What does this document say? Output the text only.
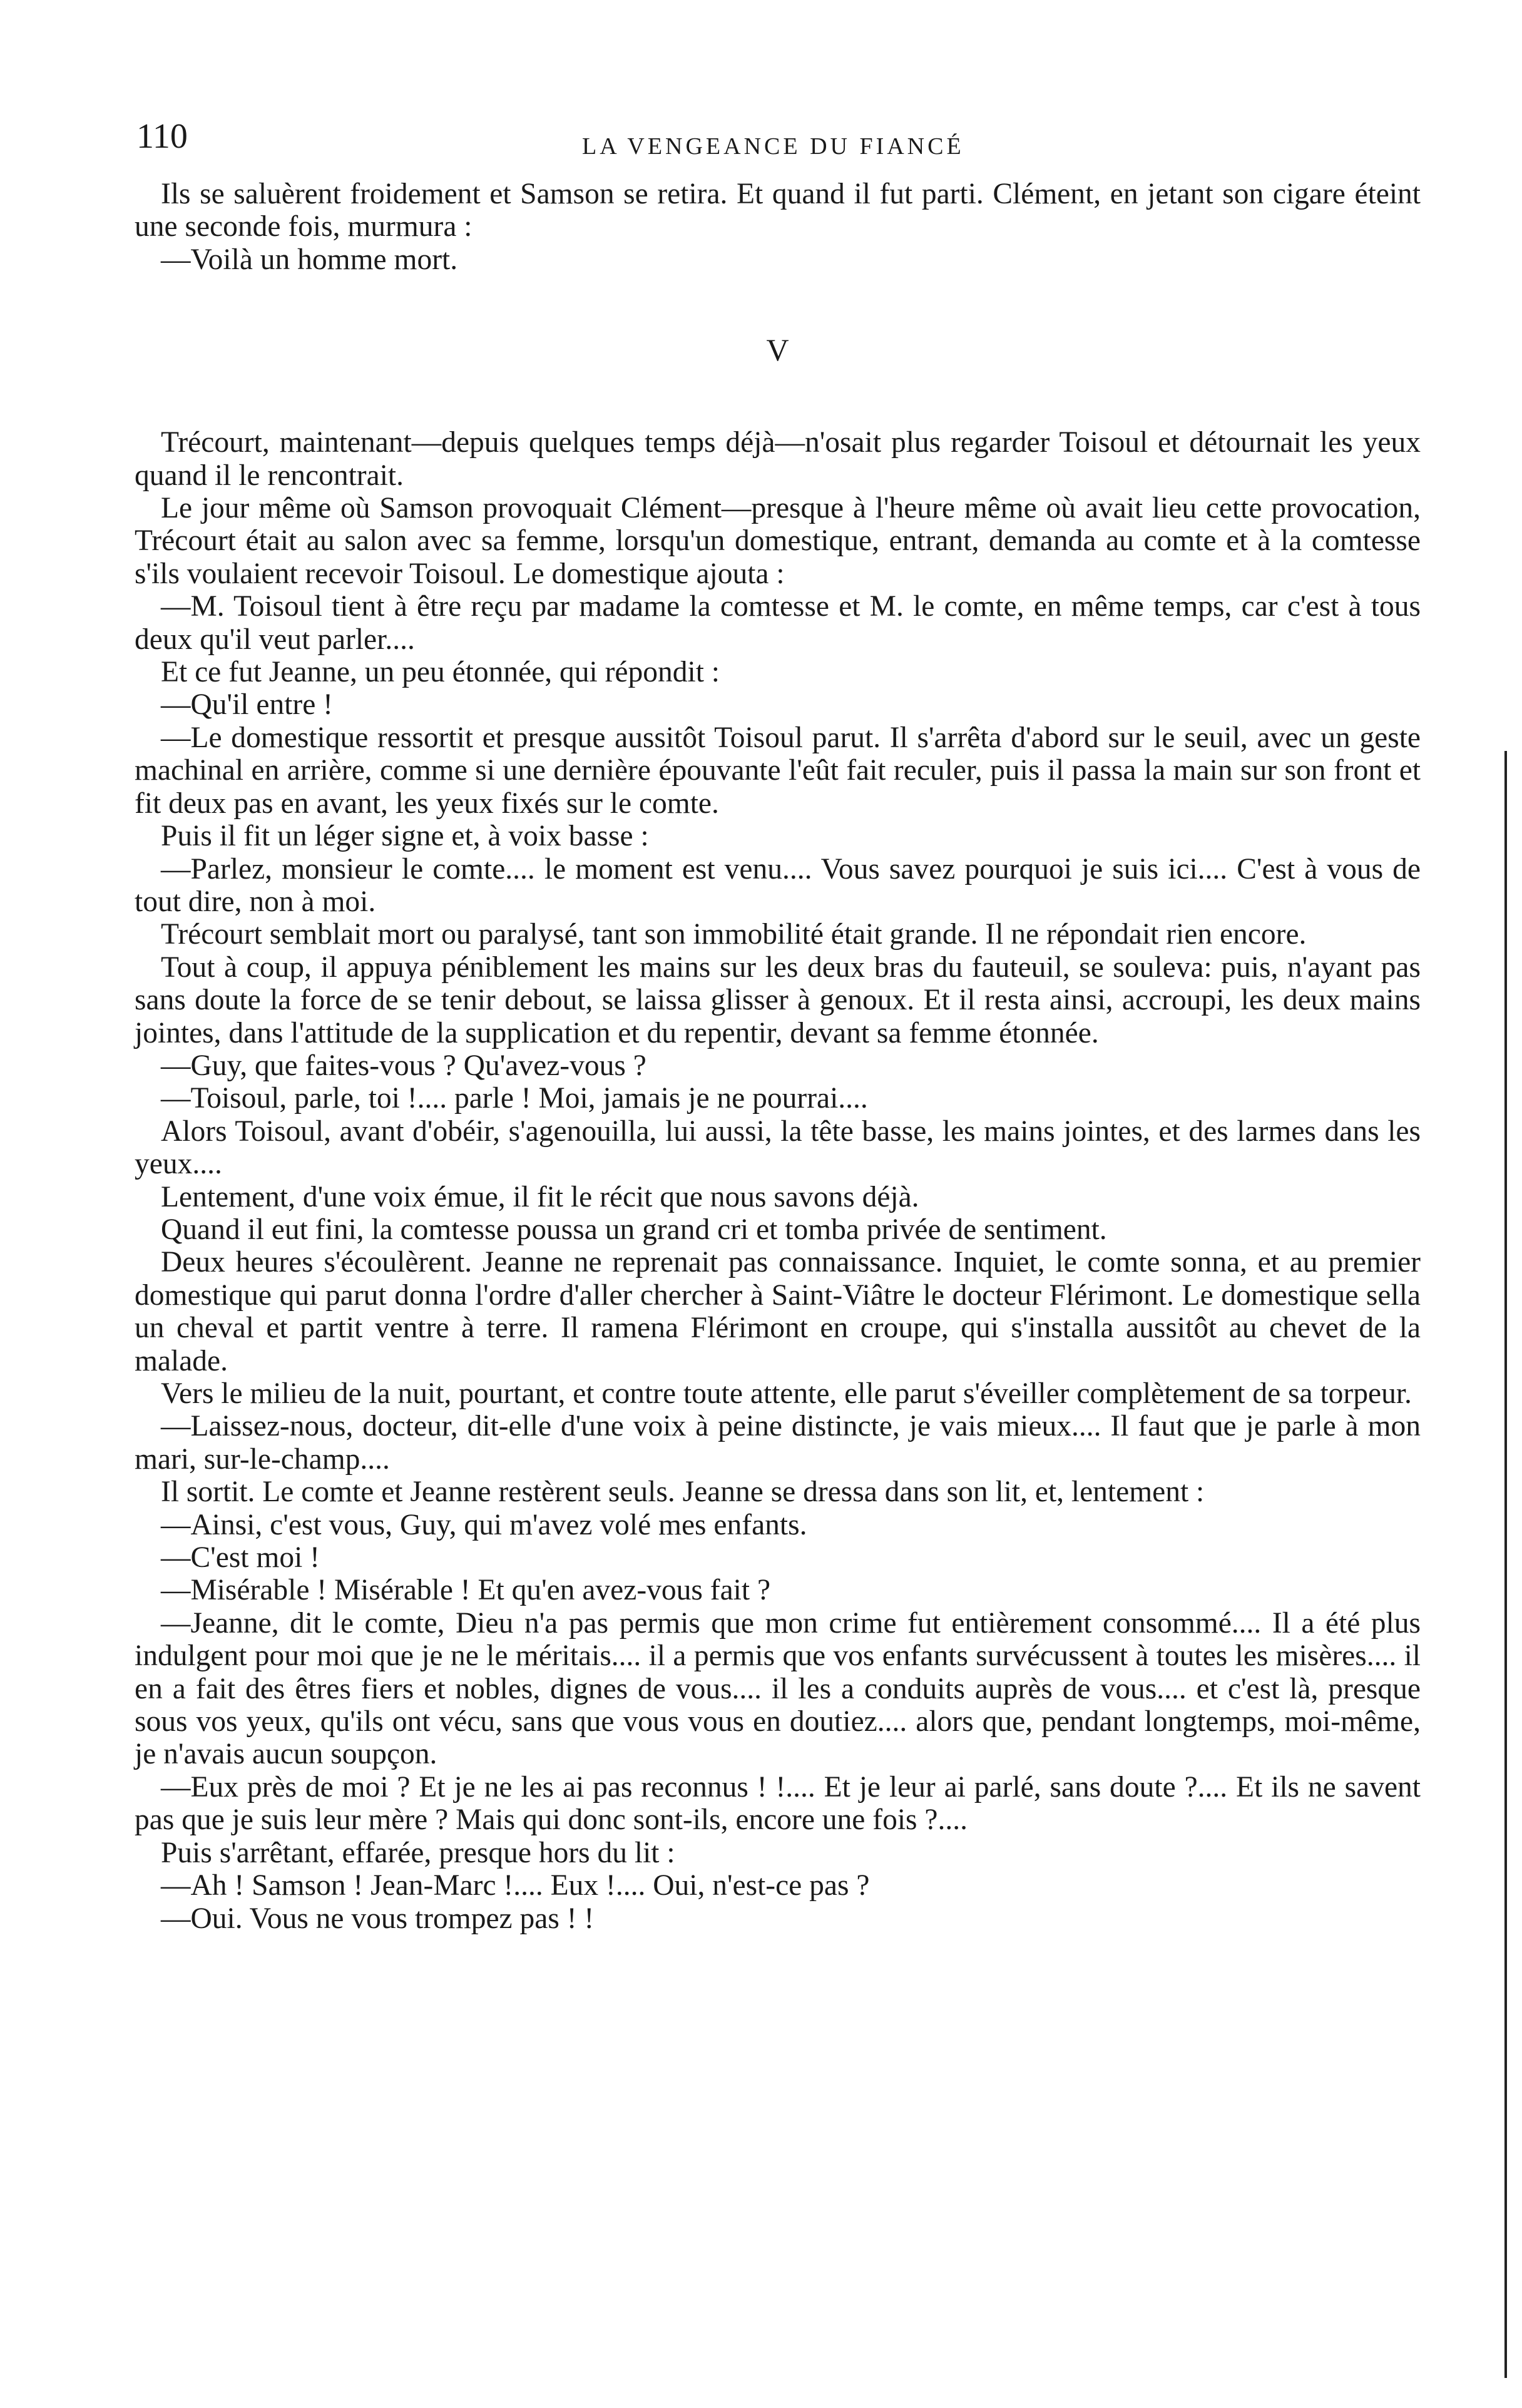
110	LA VENGEANCE DU FIANCÉ

Ils se saluèrent froidement et Samson se retira. Et quand il fut parti. Clément, en jetant son cigare éteint une seconde fois, murmura :

—Voilà un homme mort.

V

Trécourt, maintenant—depuis quelques temps déjà—n'osait plus regarder Toisoul et détournait les yeux quand il le rencontrait.

Le jour même où Samson provoquait Clément—presque à l'heure même où avait lieu cette provocation, Trécourt était au salon avec sa femme, lorsqu'un domestique, entrant, demanda au comte et à la comtesse s'ils voulaient recevoir Toisoul. Le domestique ajouta :

—M. Toisoul tient à être reçu par madame la comtesse et M. le comte, en même temps, car c'est à tous deux qu'il veut parler....

Et ce fut Jeanne, un peu étonnée, qui répondit :

—Qu'il entre !

—Le domestique ressortit et presque aussitôt Toisoul parut. Il s'arrêta d'abord sur le seuil, avec un geste machinal en arrière, comme si une dernière épouvante l'eût fait reculer, puis il passa la main sur son front et fit deux pas en avant, les yeux fixés sur le comte.

Puis il fit un léger signe et, à voix basse :

—Parlez, monsieur le comte.... le moment est venu.... Vous savez pourquoi je suis ici.... C'est à vous de tout dire, non à moi.

Trécourt semblait mort ou paralysé, tant son immobilité était grande. Il ne répondait rien encore.

Tout à coup, il appuya péniblement les mains sur les deux bras du fauteuil, se souleva: puis, n'ayant pas sans doute la force de se tenir debout, se laissa glisser à genoux. Et il resta ainsi, accroupi, les deux mains jointes, dans l'attitude de la supplication et du repentir, devant sa femme étonnée.

—Guy, que faites-vous ? Qu'avez-vous ?

—Toisoul, parle, toi !.... parle ! Moi, jamais je ne pourrai....

Alors Toisoul, avant d'obéir, s'agenouilla, lui aussi, la tête basse, les mains jointes, et des larmes dans les yeux....

Lentement, d'une voix émue, il fit le récit que nous savons déjà.

Quand il eut fini, la comtesse poussa un grand cri et tomba privée de sentiment.

Deux heures s'écoulèrent. Jeanne ne reprenait pas connaissance. Inquiet, le comte sonna, et au premier domestique qui parut donna l'ordre d'aller chercher à Saint-Viâtre le docteur Flérimont. Le domestique sella un cheval et partit ventre à terre. Il ramena Flérimont en croupe, qui s'installa aussitôt au chevet de la malade.

Vers le milieu de la nuit, pourtant, et contre toute attente, elle parut s'éveiller complètement de sa torpeur.

—Laissez-nous, docteur, dit-elle d'une voix à peine distincte, je vais mieux.... Il faut que je parle à mon mari, sur-le-champ....

Il sortit. Le comte et Jeanne restèrent seuls. Jeanne se dressa dans son lit, et, lentement :

—Ainsi, c'est vous, Guy, qui m'avez volé mes enfants.

—C'est moi !

—Misérable ! Misérable ! Et qu'en avez-vous fait ?

—Jeanne, dit le comte, Dieu n'a pas permis que mon crime fut entièrement consommé.... Il a été plus indulgent pour moi que je ne le méritais.... il a permis que vos enfants survécussent à toutes les misères.... il en a fait des êtres fiers et nobles, dignes de vous.... il les a conduits auprès de vous.... et c'est là, presque sous vos yeux, qu'ils ont vécu, sans que vous vous en doutiez.... alors que, pendant longtemps, moi-même, je n'avais aucun soupçon.

—Eux près de moi ? Et je ne les ai pas reconnus ! !.... Et je leur ai parlé, sans doute ?.... Et ils ne savent pas que je suis leur mère ? Mais qui donc sont-ils, encore une fois ?....

Puis s'arrêtant, effarée, presque hors du lit :

—Ah ! Samson ! Jean-Marc !.... Eux !.... Oui, n'est-ce pas ?

—Oui. Vous ne vous trompez pas ! !
